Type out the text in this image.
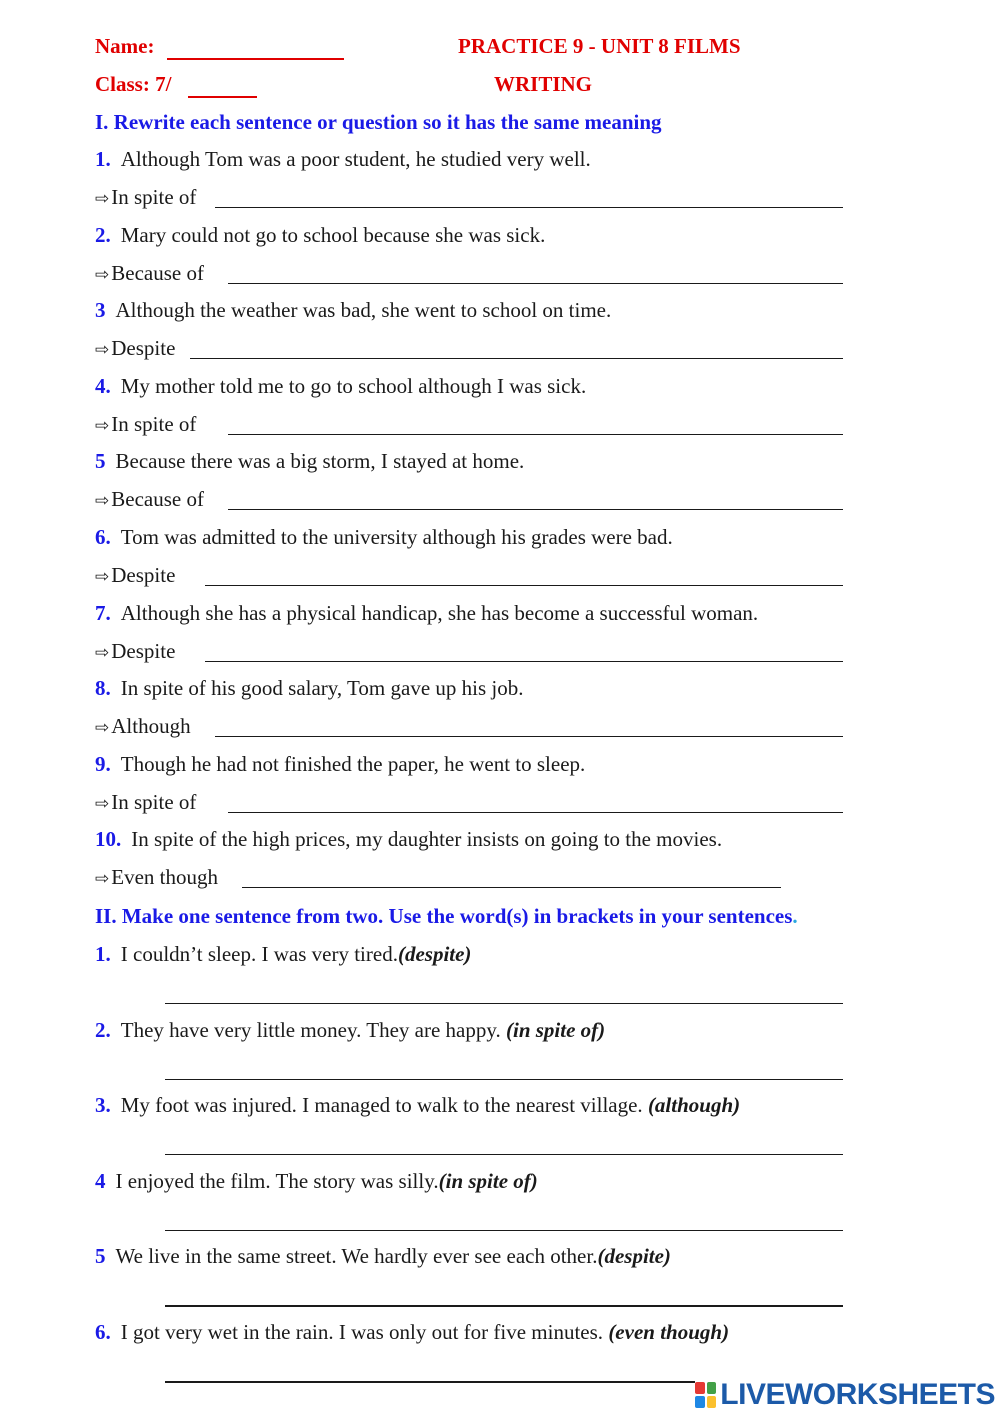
Name:	PRACTICE 9 - UNIT 8 FILMS
Class: 7/	WRITING
I. Rewrite each sentence or question so it has the same meaning
1. Although Tom was a poor student, he studied very well.
⇨In spite of
2. Mary could not go to school because she was sick.
⇨Because of
3 Although the weather was bad, she went to school on time.
⇨Despite
4. My mother told me to go to school although I was sick.
⇨In spite of
5 Because there was a big storm, I stayed at home.
⇨Because of
6. Tom was admitted to the university although his grades were bad.
⇨Despite
7. Although she has a physical handicap, she has become a successful woman.
⇨Despite
8. In spite of his good salary, Tom gave up his job.
⇨Although
9. Though he had not finished the paper, he went to sleep.
⇨In spite of
10. In spite of the high prices, my daughter insists on going to the movies.
⇨Even though
II. Make one sentence from two. Use the word(s) in brackets in your sentences.
1. I couldn’t sleep. I was very tired.(despite)
2. They have very little money. They are happy. (in spite of)
3. My foot was injured. I managed to walk to the nearest village. (although)
4 I enjoyed the film. The story was silly.(in spite of)
5 We live in the same street. We hardly ever see each other.(despite)
6. I got very wet in the rain. I was only out for five minutes. (even though)
LIVEWORKSHEETS
